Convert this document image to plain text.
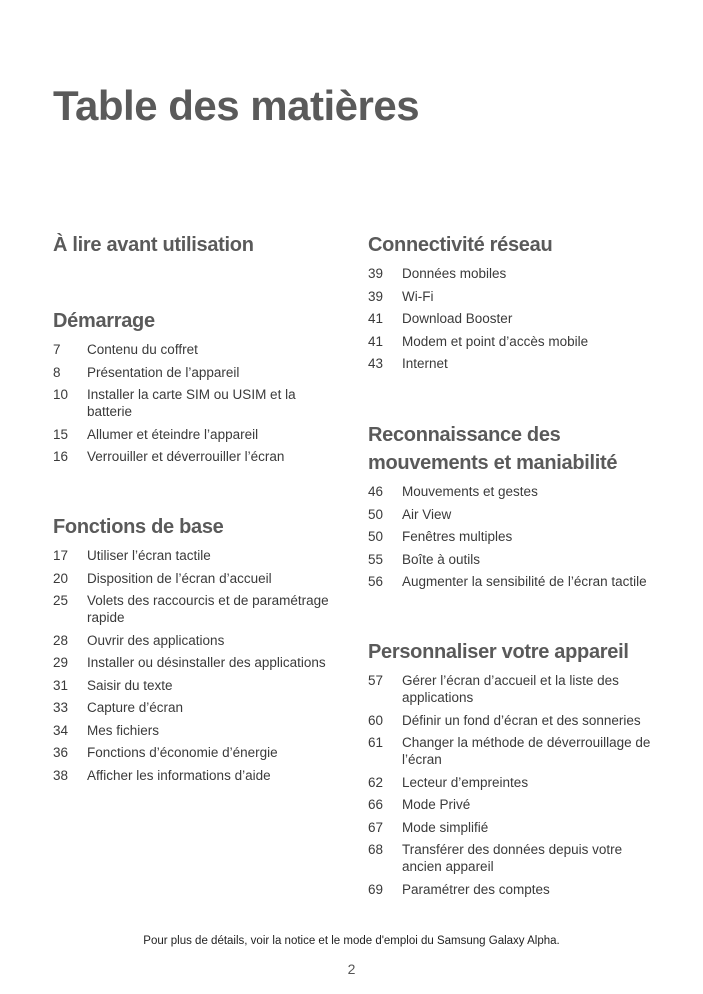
Table des matières
À lire avant utilisation
Démarrage
7	Contenu du coffret
8	Présentation de l’appareil
10	Installer la carte SIM ou USIM et la batterie
15	Allumer et éteindre l’appareil
16	Verrouiller et déverrouiller l’écran
Fonctions de base
17	Utiliser l’écran tactile
20	Disposition de l’écran d’accueil
25	Volets des raccourcis et de paramétrage rapide
28	Ouvrir des applications
29	Installer ou désinstaller des applications
31	Saisir du texte
33	Capture d’écran
34	Mes fichiers
36	Fonctions d’économie d’énergie
38	Afficher les informations d’aide
Connectivité réseau
39	Données mobiles
39	Wi-Fi
41	Download Booster
41	Modem et point d’accès mobile
43	Internet
Reconnaissance des mouvements et maniabilité
46	Mouvements et gestes
50	Air View
50	Fenêtres multiples
55	Boîte à outils
56	Augmenter la sensibilité de l’écran tactile
Personnaliser votre appareil
57	Gérer l’écran d’accueil et la liste des applications
60	Définir un fond d’écran et des sonneries
61	Changer la méthode de déverrouillage de l’écran
62	Lecteur d’empreintes
66	Mode Privé
67	Mode simplifié
68	Transférer des données depuis votre ancien appareil
69	Paramétrer des comptes
Pour plus de détails, voir la notice et le mode d'emploi du Samsung Galaxy Alpha.
2
